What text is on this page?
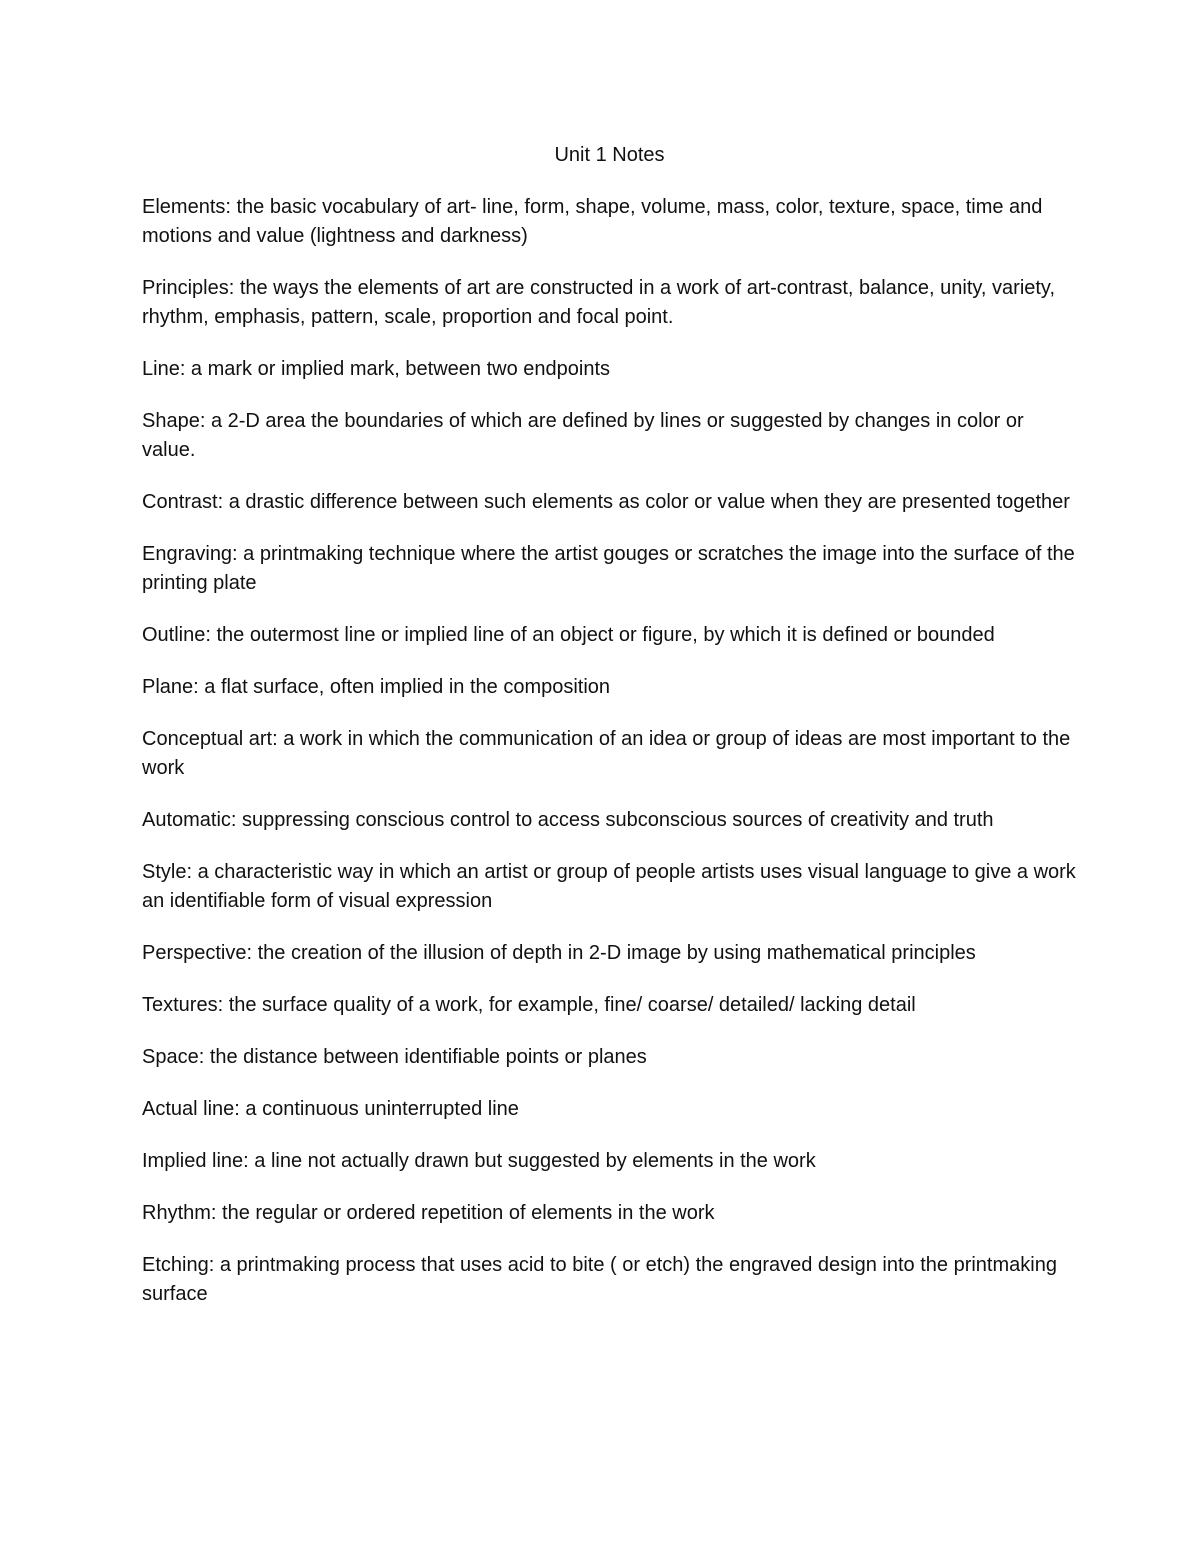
Unit 1 Notes

Elements: the basic vocabulary of art- line, form, shape, volume, mass, color, texture, space, time and motions and value (lightness and darkness)

Principles: the ways the elements of art are constructed in a work of art-contrast, balance, unity, variety, rhythm, emphasis, pattern, scale, proportion and focal point.

Line: a mark or implied mark, between two endpoints

Shape: a 2-D area the boundaries of which are defined by lines or suggested by changes in color or value.

Contrast: a drastic difference between such elements as color or value when they are presented together

Engraving: a printmaking technique where the artist gouges or scratches the image into the surface of the printing plate

Outline: the outermost line or implied line of an object or figure, by which it is defined or bounded

Plane: a flat surface, often implied in the composition

Conceptual art: a work in which the communication of an idea or group of ideas are most important to the work

Automatic: suppressing conscious control to access subconscious sources of creativity and truth

Style: a characteristic way in which an artist or group of people artists uses visual language to give a work an identifiable form of visual expression

Perspective: the creation of the illusion of depth in 2-D image by using mathematical principles

Textures: the surface quality of a work, for example, fine/ coarse/ detailed/ lacking detail

Space: the distance between identifiable points or planes

Actual line: a continuous uninterrupted line

Implied line: a line not actually drawn but suggested by elements in the work

Rhythm: the regular or ordered repetition of elements in the work

Etching: a printmaking process that uses acid to bite ( or etch) the engraved design into the printmaking surface
